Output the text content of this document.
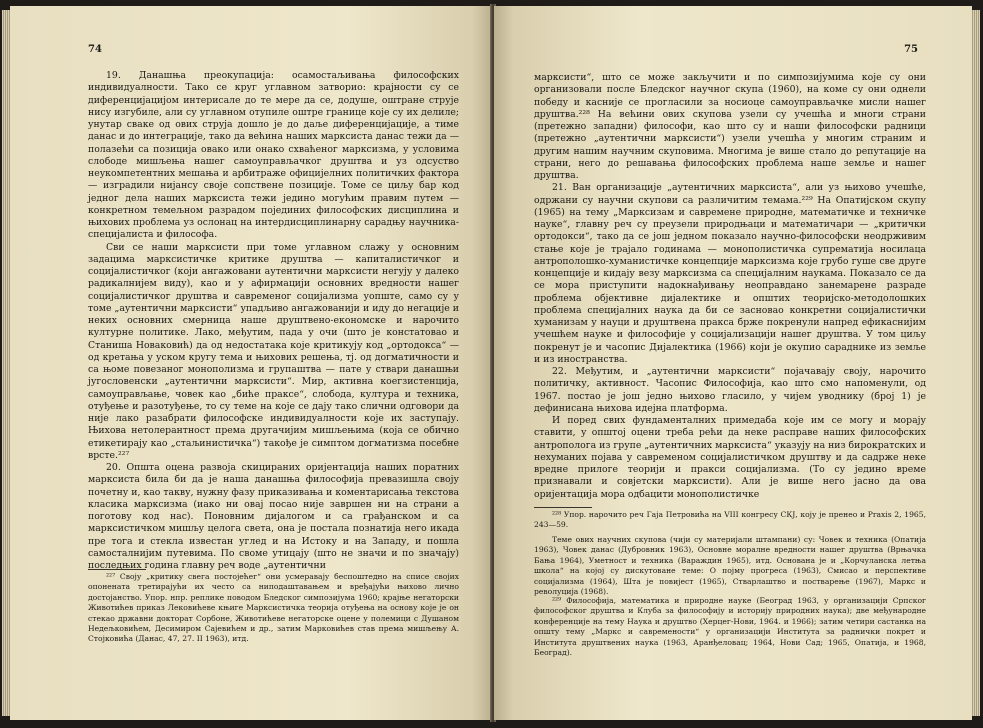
74

19. Данашња преокупација: осамостаљивања философских индивидуалности. Тако се круг углавном затворио: крајности су се диференцијацијом интерисале до те мере да се, додуше, оштране струје нису изгубиле, али су углавном отупиле оштре границе које су их делиле; унутар сваке од ових струја дошло је до даље диференцијације, а тиме данас и до интеграције, тако да већина наших марксиста данас тежи да — полазећи са позиција овако или онако схваћеног марксизма, у условима слободе мишљења нашег самоуправљачког друштва и уз одсуство неукомпетентних мешања и арбитраже официјелних политичких фактора — изградили нијансу своје сопствене позиције. Томе се циљу бар код једног дела наших марксиста тежи једино могућим правим путем — конкретном темељном разрадом појединих философских дисциплина и њихових проблема уз ослонац на интердисциплинарну сарадњу научника-специјалиста и философа.

Сви се наши марксисти при томе углавном слажу у основним задацима марксистичке критике друштва — капиталистичког и социјалистичког (који ангажовани аутентични марксисти негују у далеко радикалнијем виду), као и у афирмацији основних вредности нашег социјалистичког друштва и савременог социјализма уопште, само су у томе „аутентични марксисти“ упадљиво ангажованији и иду до негације и неких основних смерница наше друштвено-економске и нарочито културне политике. Лако, међутим, пада у очи (што је констатовао и Станиша Новаковић) да од недостатака које критикују код „ортодокса“ — од кретања у уском кругу тема и њихових решења, тј. од догматичности и са њоме повезаног монополизма и групаштва — пате у ствари данашњи југословенски „аутентични марксисти“. Мир, активна коегзистенција, самоуправљање, човек као „биће праксе“, слобода, култура и техника, отуђење и разотуђење, то су теме на које се дају тако слични одговори да није лако разабрати философске индивидуалности које их заступају. Њихова нетолерантност према другачијим мишљењима (која се обично етикетирају као „стаљинистичка“) такође је симптом догматизма посебне врсте.²²⁷

20. Општа оцена развоја скицираних оријентација наших поратних марксиста била би да је наша данашња философија превазишла своју почетну и, као такву, нужну фазу приказивања и коментарисања текстова класика марксизма (иако ни овај посао није завршен ни на страни а поготову код нас). Поновним дијалогом и са грађанском и са марксистичком мишљу целога света, она је постала познатија него икада пре тога и стекла известан углед и на Истоку и на Западу, и пошла самосталнијим путевима. По своме утицају (што не значи и по значају) последњих година главну реч воде „аутентични

²²⁷ Своју „критику свега постојећег“ они усмеравају беспоштедно на списе својих опонената третирајући их често са ниподаштавањем и вређајући њихово лично достојанство. Упор. нпр. реплике поводом Бледског симпозијума 1960; крајње негаторски Животићев приказ Лековићеве књиге Марксистичка теорија отуђења на основу које је он стекао државни докторат Сорбоне, Животићеве негаторске оцене у полемици с Душаном Недељковићем, Десимиром Сајевићем и др., затим Марковићев став према мишљењу А. Стојковића (Данас, 47, 27. II 1963), итд.

75

марксисти“, што се може закључити и по симпозијумима које су они организовали после Бледског научног скупа (1960), на коме су они однели победу и касније се прогласили за носиоце самоуправљачке мисли нашег друштва.²²⁸ На већини ових скупова узели су учешћа и многи страни (претежно западни) философи, као што су и наши философски радници (претежно „аутентични марксисти“) узели учешћа у многим страним и другим нашим научним скуповима. Многима је више стало до репутације на страни, него до решавања философских проблема наше земље и нашег друштва.

21. Ван организације „аутентичних марксиста“, али уз њихово учешће, одржани су научни скупови са различитим темама.²²⁹ На Опатијском скупу (1965) на тему „Марксизам и савремене природне, математичке и техничке науке“, главну реч су преузели природњаци и математичари — „критички ортодокси“, тако да се још једном показало научно-философски неодрживим стање које је трајало годинама — монополистичка супрематија носилаца антрополошко-хуманистичке концепције марксизма које грубо гуше све друге концепције и кидају везу марксизма са специјалним наукама. Показало се да се мора приступити надокнађивању неоправдано занемарене разраде проблема објективне дијалектике и општих теоријско-методолошких проблема специјалних наука да би се засновао конкретни социјалистички хуманизам у науци и друштвена пракса брже покренули напред ефикаснијим учешћем науке и философије у социјализацији нашег друштва. У том циљу покренут је и часопис Дијалектика (1966) који је окупио сараднике из земље и из иностранства.

22. Међутим, и „аутентични марксисти“ појачавају своју, нарочито политичку, активност. Часопис Философија, као што смо напоменули, од 1967. постао је још једно њихово гласило, у чијем уводнику (број 1) је дефинисана њихова идејна платформа.

И поред свих фундаменталних примедаба које им се могу и морају ставити, у општој оцени треба рећи да неке расправе наших философских антрополога из групе „аутентичних марксиста“ указују на низ бирократских и нехуманих појава у савременом социјалистичком друштву и да садрже неке вредне прилоге теорији и пракси социјализма. (То су једино време признавали и совјетски марксисти). Али је више него јасно да ова оријентација мора одбацити монополистичке

²²⁸ Упор. нарочито реч Гаја Петровића на VIII конгресу СКЈ, коју је пренео и Praxis 2, 1965, 243—59.

Теме ових научних скупова (чији су материјали штампани) су: Човек и техника (Опатија 1963), Човек данас (Дубровник 1963), Основне моралне вредности нашег друштва (Врњачка Бања 1964), Уметност и техника (Вараждин 1965), итд. Основана је и „Корчуланска летња школа“ на којој су дискутоване теме: О појму прогреса (1963), Смисао и перспективе социјализма (1964), Шта је повијест (1965), Стварлаштво и постварење (1967), Маркс и револуција (1968).

²²⁹ Философија, математика и природне науке (Београд 1963, у организацији Српског философског друштва и Клуба за философију и историју природних наука); две међународне конференције на тему Наука и друштво (Херцег-Нови, 1964. и 1966); затим четири састанка на општу тему „Маркс и савремености“ у организацији Института за раднички покрет и Института друштвених наука (1963, Аранђеловац; 1964, Нови Сад; 1965, Опатија, и 1968, Београд).
